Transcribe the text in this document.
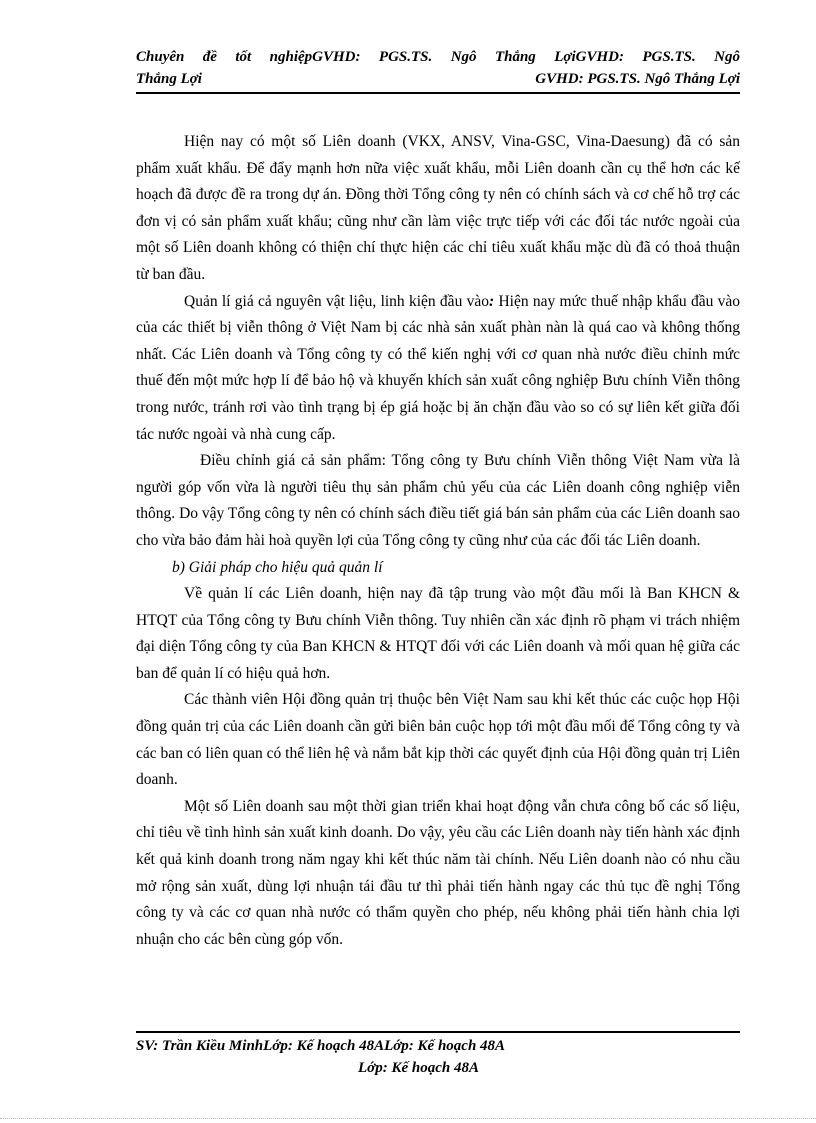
Chuyên đề tốt nghiệpGVHD: PGS.TS. Ngô Thắng LợiGVHD: PGS.TS. Ngô
Thắng Lợi	GVHD: PGS.TS. Ngô Thắng Lợi

Hiện nay có một số Liên doanh (VKX, ANSV, Vina-GSC, Vina-Daesung) đã có sản phẩm xuất khẩu. Để đẩy mạnh hơn nữa việc xuất khẩu, mỗi Liên doanh cần cụ thể hơn các kế hoạch đã được đề ra trong dự án. Đồng thời Tổng công ty nên có chính sách và cơ chế hỗ trợ các đơn vị có sản phẩm xuất khẩu; cũng như cần làm việc trực tiếp với các đối tác nước ngoài của một số Liên doanh không có thiện chí thực hiện các chỉ tiêu xuất khẩu mặc dù đã có thoả thuận từ ban đầu.

Quản lí giá cả nguyên vật liệu, linh kiện đầu vào: Hiện nay mức thuế nhập khẩu đầu vào của các thiết bị viễn thông ở Việt Nam bị các nhà sản xuất phàn nàn là quá cao và không thống nhất. Các Liên doanh và Tổng công ty có thể kiến nghị với cơ quan nhà nước điều chỉnh mức thuế đến một mức hợp lí để bảo hộ và khuyến khích sản xuất công nghiệp Bưu chính Viễn thông trong nước, tránh rơi vào tình trạng bị ép giá hoặc bị ăn chặn đầu vào so có sự liên kết giữa đối tác nước ngoài và nhà cung cấp.

Điều chỉnh giá cả sản phẩm: Tổng công ty Bưu chính Viễn thông Việt Nam vừa là người góp vốn vừa là người tiêu thụ sản phẩm chủ yếu của các Liên doanh công nghiệp viễn thông. Do vậy Tổng công ty nên có chính sách điều tiết giá bán sản phẩm của các Liên doanh sao cho vừa bảo đảm hài hoà quyền lợi của Tổng công ty cũng như của các đối tác Liên doanh.

b) Giải pháp cho hiệu quả quản lí

Về quản lí các Liên doanh, hiện nay đã tập trung vào một đầu mối là Ban KHCN & HTQT của Tổng công ty Bưu chính Viễn thông. Tuy nhiên cần xác định rõ phạm vi trách nhiệm đại diện Tổng công ty của Ban KHCN & HTQT đối với các Liên doanh và mối quan hệ giữa các ban để quản lí có hiệu quả hơn.

Các thành viên Hội đồng quản trị thuộc bên Việt Nam sau khi kết thúc các cuộc họp Hội đồng quản trị của các Liên doanh cần gửi biên bản cuộc họp tới một đầu mối để Tổng công ty và các ban có liên quan có thể liên hệ và nắm bắt kịp thời các quyết định của Hội đồng quản trị Liên doanh.

Một số Liên doanh sau một thời gian triển khai hoạt động vẫn chưa công bố các số liệu, chỉ tiêu về tình hình sản xuất kinh doanh. Do vậy, yêu cầu các Liên doanh này tiến hành xác định kết quả kinh doanh trong năm ngay khi kết thúc năm tài chính. Nếu Liên doanh nào có nhu cầu mở rộng sản xuất, dùng lợi nhuận tái đầu tư thì phải tiến hành ngay các thủ tục đề nghị Tổng công ty và các cơ quan nhà nước có thẩm quyền cho phép, nếu không phải tiến hành chia lợi nhuận cho các bên cùng góp vốn.

SV: Trần Kiều MinhLớp: Kế hoạch 48ALớp: Kế hoạch 48A
Lớp: Kế hoạch 48A
